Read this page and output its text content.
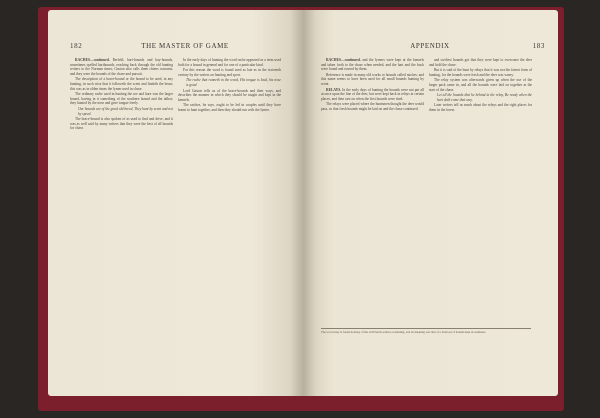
182	THE MASTER OF GAME

RACHES—continued. Berfeld, hart-hounds and bay-hounds, sometimes spelled harthounds, reaching back through the old hunting writers to the Norman times; Gaston also calls them chiens courants, and they were the hounds of the chase and pursuit.

The description of a brace-hound or the hound to be used, in any hunting, in such wise that it followeth the scent and findeth the beast; this was as in olden times the lymer used in chase.

The ordinary rache used in hunting the roe and hare was the larger hound, having in it something of the southern hound and the talbot; they hunted by the nose and gave tongue freely.

Our hounds are of the good old breed, They hunt by scent and not by speed.

The brace-hound is also spoken of as used to find and drive, and it was as well said by many writers that they were the best of all hounds for chase.

In the early days of hunting the word rache appeared as a term used both for a hound in general and for one of a particular kind.

For this reason the word is found used as late as in the sixteenth century by the writers on hunting and sport.

The rache that runneth in the wood, His tongue is loud, his nose is good.

Lord Gaston tells us of the brace-hounds and their ways, and describes the manner in which they should be taught and kept in the kennels.

The ratches, he says, ought to be led in couples until they have learnt to hunt together, and then they should run with the lymer.

APPENDIX	183

RACHES—continued. and the lymers were kept at the kennels and taken forth to the chase when needed, and the hart and the buck were found and roused by them.

Reference is made in many old works to hounds called ratches, and this name seems to have been used for all small hounds hunting by scent.

RELAYS. In the early days of hunting the hounds were not put all at once upon the line of the deer, but were kept back in relays at certain places, and then cast on when the first hounds were tired.

The relays were placed where the huntsmen thought the deer would pass, so that fresh hounds might be laid on and the chase continued.

and swiftest hounds got that they were kept to overcome the deer and hold the chase.

But it is said of the hunt by relays that it was not the fairest form of hunting, for the hounds were fresh and the deer was weary.

The relay system was afterwards given up when the use of the larger pack came in, and all the hounds were laid on together at the start of the chase.

Let all the hounds that he behind in the relay, Be ready when the hart doth come that way.

Later writers tell us much about the relays and the right places for them in the forest.

The word relay is found in many of the old French writers on hunting, and its meaning was that of a fresh set of hounds kept in readiness.
